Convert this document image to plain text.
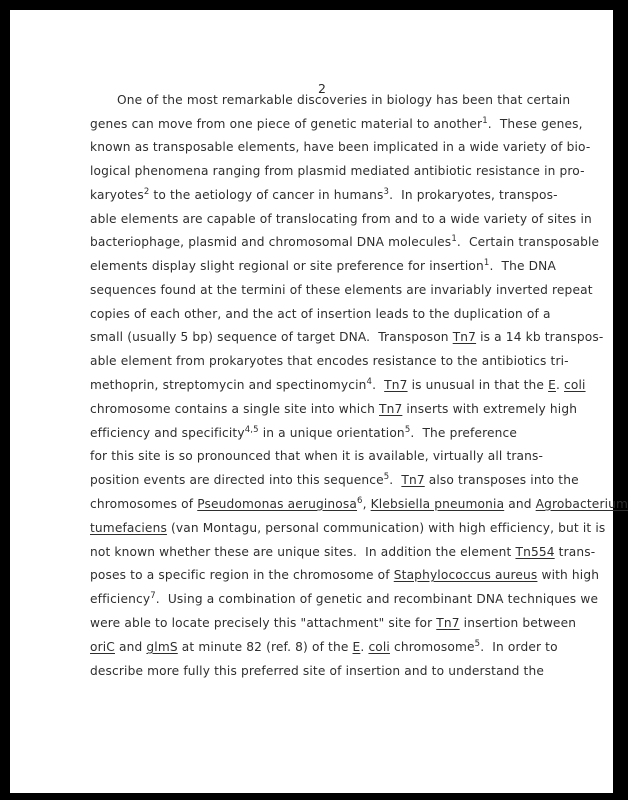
2
One of the most remarkable discoveries in biology has been that certain
genes can move from one piece of genetic material to another$^1$.  These genes,
known as transposable elements, have been implicated in a wide variety of bio-
logical phenomena ranging from plasmid mediated antibiotic resistance in pro-
karyotes$^2$ to the aetiology of cancer in humans$^3$.  In prokaryotes, transpos-
able elements are capable of translocating from and to a wide variety of sites in
bacteriophage, plasmid and chromosomal DNA molecules$^1$.  Certain transposable
elements display slight regional or site preference for insertion$^1$.  The DNA
sequences found at the termini of these elements are invariably inverted repeat
copies of each other, and the act of insertion leads to the duplication of a
small (usually 5 bp) sequence of target DNA.  Transposon Tn7 is a 14 kb transpos-
able element from prokaryotes that encodes resistance to the antibiotics tri-
methoprin, streptomycin and spectinomycin$^4$.  Tn7 is unusual in that the E. coli
chromosome contains a single site into which Tn7 inserts with extremely high
efficiency and specificity$^{4,5}$ in a unique orientation$^5$.  The preference
for this site is so pronounced that when it is available, virtually all trans-
position events are directed into this sequence$^5$.  Tn7 also transposes into the
chromosomes of Pseudomonas aeruginosa$^6$, Klebsiella pneumonia and Agrobacterium
tumefaciens (van Montagu, personal communication) with high efficiency, but it is
not known whether these are unique sites.  In addition the element Tn554 trans-
poses to a specific region in the chromosome of Staphylococcus aureus with high
efficiency$^7$.  Using a combination of genetic and recombinant DNA techniques we
were able to locate precisely this "attachment" site for Tn7 insertion between
oriC and glmS at minute 82 (ref. 8) of the E. coli chromosome$^5$.  In order to
describe more fully this preferred site of insertion and to understand the
